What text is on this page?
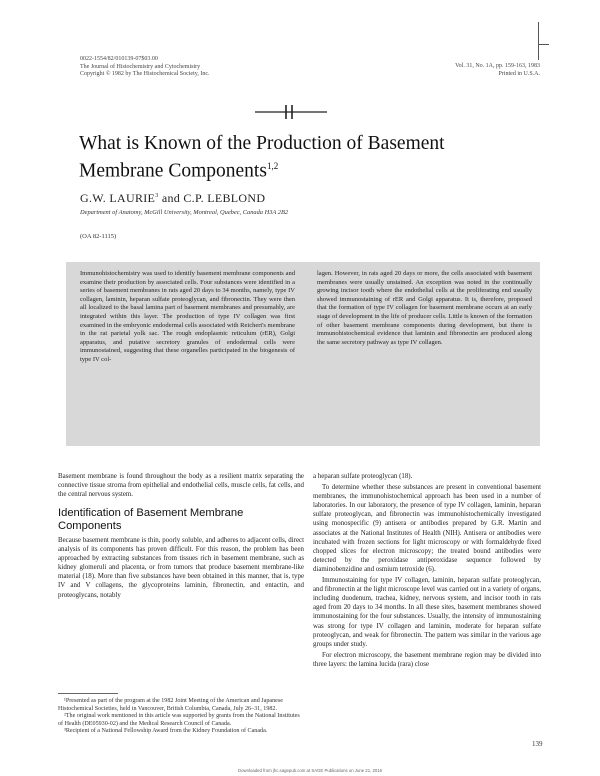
0022-1554/82/010139-07$03.00
The Journal of Histochemistry and Cytochemistry
Copyright © 1982 by The Histochemical Society, Inc.
Vol. 31, No. 1A, pp. 159-163, 1983
Printed in U.S.A.
What is Known of the Production of Basement
Membrane Components$^{1,2}$
G.W. LAURIE$^3$ and C.P. LEBLOND
Department of Anatomy, McGill University, Montreal, Quebec, Canada H3A 2B2
(OA 82-1115)
Immunohistochemistry was used to identify basement membrane components and examine their production by associated cells. Four substances were identified in a series of basement membranes in rats aged 20 days to 34 months, namely, type IV collagen, laminin, heparan sulfate proteoglycan, and fibronectin. They were then all localized to the basal lamina part of basement membranes and presumably, are integrated within this layer. The production of type IV collagen was first examined in the embryonic endodermal cells associated with Reichert's membrane in the rat parietal yolk sac. The rough endoplasmic reticulum (rER), Golgi apparatus, and putative secretory granules of endodermal cells were immunostained, suggesting that these organelles participated in the biogenesis of type IV col-
lagen. However, in rats aged 20 days or more, the cells associated with basement membranes were usually unstained. An exception was noted in the continually growing incisor tooth where the endothelial cells at the proliferating end usually showed immunostaining of rER and Golgi apparatus. It is, therefore, proposed that the formation of type IV collagen for basement membrane occurs at an early stage of development in the life of producer cells. Little is known of the formation of other basement membrane components during development, but there is immunohistochemical evidence that laminin and fibronectin are produced along the same secretory pathway as type IV collagen.
Basement membrane is found throughout the body as a resilient matrix separating the connective tissue stroma from epithelial and endothelial cells, muscle cells, fat cells, and the central nervous system.
Identification of Basement Membrane Components
Because basement membrane is thin, poorly soluble, and adheres to adjacent cells, direct analysis of its components has proven difficult. For this reason, the problem has been approached by extracting substances from tissues rich in basement membrane, such as kidney glomeruli and placenta, or from tumors that produce basement membrane-like material (18). More than five substances have been obtained in this manner, that is, type IV and V collagens, the glycoproteins laminin, fibronectin, and entactin, and proteoglycans, notably

¹Presented as part of the program at the 1982 Joint Meeting of the American and Japanese Histochemical Societies, held in Vancouver, British Columbia, Canada, July 26–31, 1982.

²The original work mentioned in this article was supported by grants from the National Institutes of Health (DE05930-02) and the Medical Research Council of Canada.

³Recipient of a National Fellowship Award from the Kidney Foundation of Canada.

a heparan sulfate proteoglycan (18).

To determine whether these substances are present in conventional basement membranes, the immunohistochemical approach has been used in a number of laboratories. In our laboratory, the presence of type IV collagen, laminin, heparan sulfate proteoglycan, and fibronectin was immunohistochemically investigated using monospecific (9) antisera or antibodies prepared by G.R. Martin and associates at the National Institutes of Health (NIH). Antisera or antibodies were incubated with frozen sections for light microscopy or with formaldehyde fixed chopped slices for electron microscopy; the treated bound antibodies were detected by the peroxidase antiperoxidase sequence followed by diaminobenzidine and osmium tetroxide (6).

Immunostaining for type IV collagen, laminin, heparan sulfate proteoglycan, and fibronectin at the light microscope level was carried out in a variety of organs, including duodenum, trachea, kidney, nervous system, and incisor tooth in rats aged from 20 days to 34 months. In all these sites, basement membranes showed immunostaining for the four substances. Usually, the intensity of immunostaining was strong for type IV collagen and laminin, moderate for heparan sulfate proteoglycan, and weak for fibronectin. The pattern was similar in the various age groups under study.

For electron microscopy, the basement membrane region may be divided into three layers: the lamina lucida (rara) close

139
Downloaded from jhc.sagepub.com at SAGE Publications on June 21, 2016
